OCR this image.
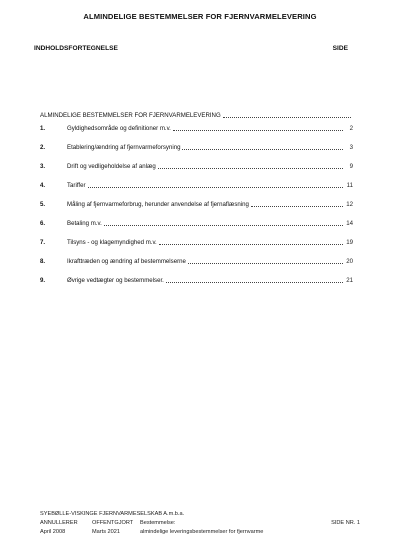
ALMINDELIGE BESTEMMELSER FOR FJERNVARMELEVERING
INDHOLDSFORTEGNELSE	SIDE
ALMINDELIGE BESTEMMELSER FOR FJERNVARMELEVERING
1.	Gyldighedsområde og definitioner m.v.	2
2.	Etablering/ændring af fjernvarmeforsyning	3
3.	Drift og vedligeholdelse af anlæg	9
4.	Tariffer	11
5.	Måling af fjernvarmeforbrug, herunder anvendelse af fjernaflæsning	12
6.	Betaling m.v.	14
7.	Tilsyns - og klagemyndighed m.v.	19
8.	Ikrafttræden og ændring af bestemmelserne	20
9.	Øvrige vedtægter og bestemmelser.	21
SYEBØLLE-VISKINGE FJERNVARMESELSKAB A.m.b.a.
ANNULLERER	OFFENTGJORT Bestemmelse:	SIDE NR. 1
April 2008	Marts 2021	almindelige leveringsbestemmelser for fjernvarme
